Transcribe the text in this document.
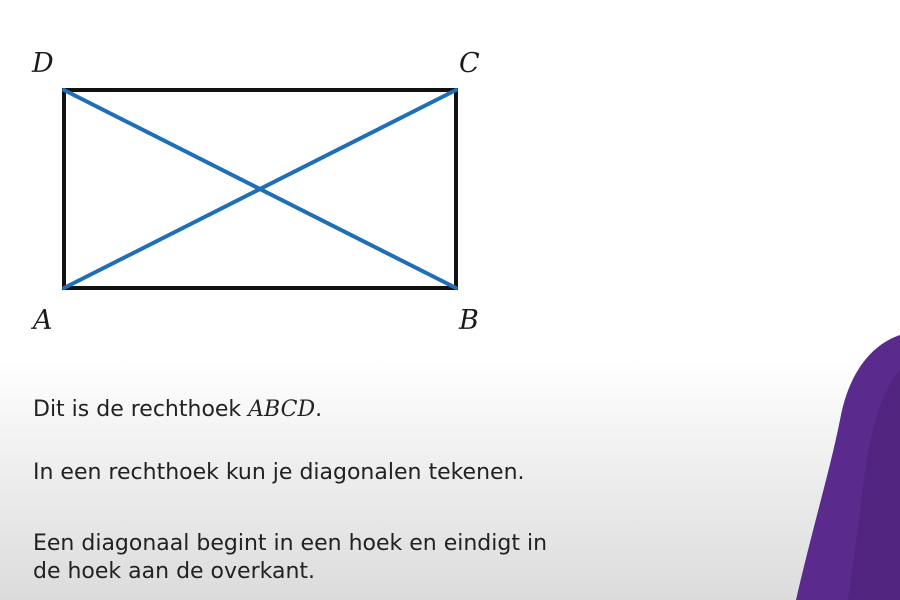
D	C
A	B
Dit is de rechthoek ABCD.
In een rechthoek kun je diagonalen tekenen.
Een diagonaal begint in een hoek en eindigt in
de hoek aan de overkant.
